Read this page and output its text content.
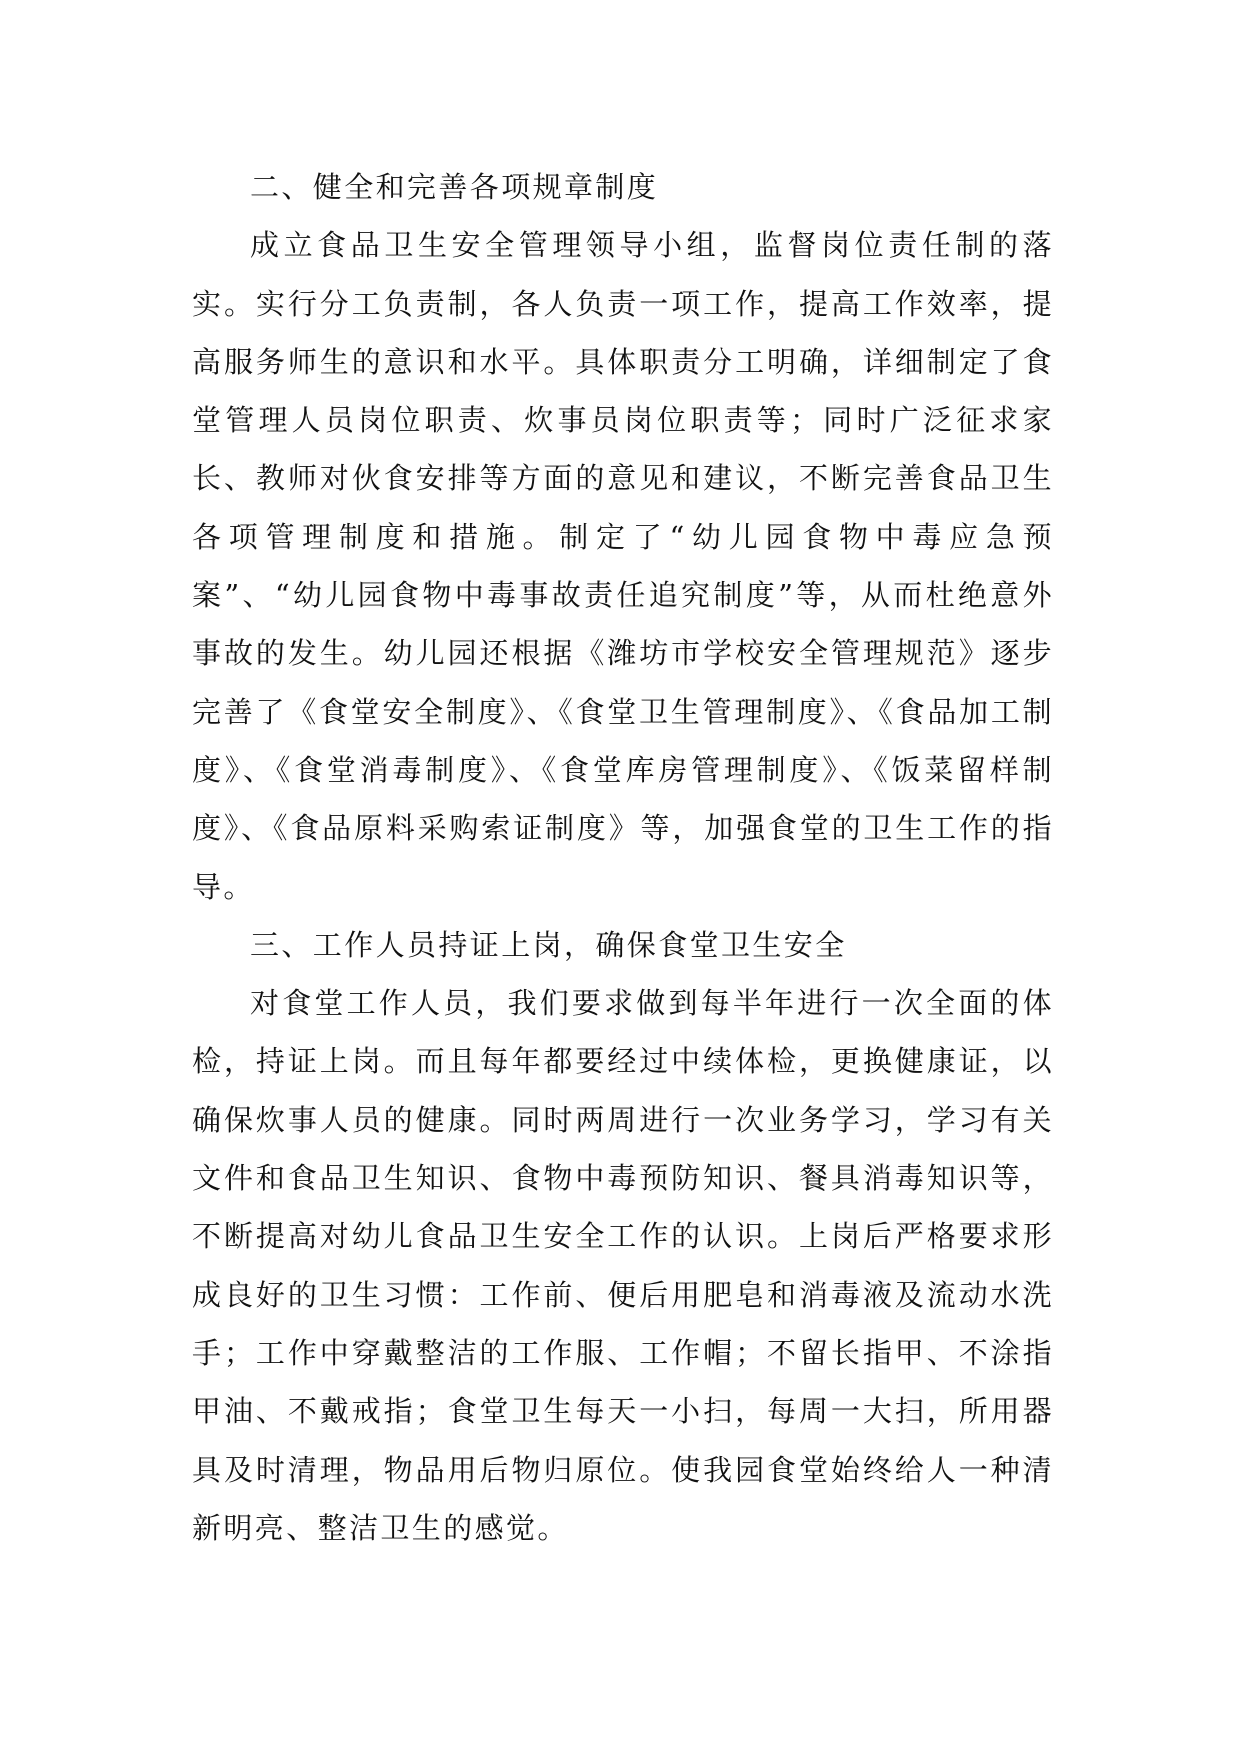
二、健全和完善各项规章制度

成立食品卫生安全管理领导小组，监督岗位责任制的落实。实行分工负责制，各人负责一项工作，提高工作效率，提高服务师生的意识和水平。具体职责分工明确，详细制定了食堂管理人员岗位职责、炊事员岗位职责等；同时广泛征求家长、教师对伙食安排等方面的意见和建议，不断完善食品卫生各项管理制度和措施。制定了“幼儿园食物中毒应急预案”、“幼儿园食物中毒事故责任追究制度”等，从而杜绝意外事故的发生。幼儿园还根据《潍坊市学校安全管理规范》逐步完善了《食堂安全制度》、《食堂卫生管理制度》、《食品加工制度》、《食堂消毒制度》、《食堂库房管理制度》、《饭菜留样制度》、《食品原料采购索证制度》等，加强食堂的卫生工作的指导。

三、工作人员持证上岗，确保食堂卫生安全

对食堂工作人员，我们要求做到每半年进行一次全面的体检，持证上岗。而且每年都要经过中续体检，更换健康证，以确保炊事人员的健康。同时两周进行一次业务学习，学习有关文件和食品卫生知识、食物中毒预防知识、餐具消毒知识等，不断提高对幼儿食品卫生安全工作的认识。上岗后严格要求形成良好的卫生习惯：工作前、便后用肥皂和消毒液及流动水洗手；工作中穿戴整洁的工作服、工作帽；不留长指甲、不涂指甲油、不戴戒指；食堂卫生每天一小扫，每周一大扫，所用器具及时清理，物品用后物归原位。使我园食堂始终给人一种清新明亮、整洁卫生的感觉。
